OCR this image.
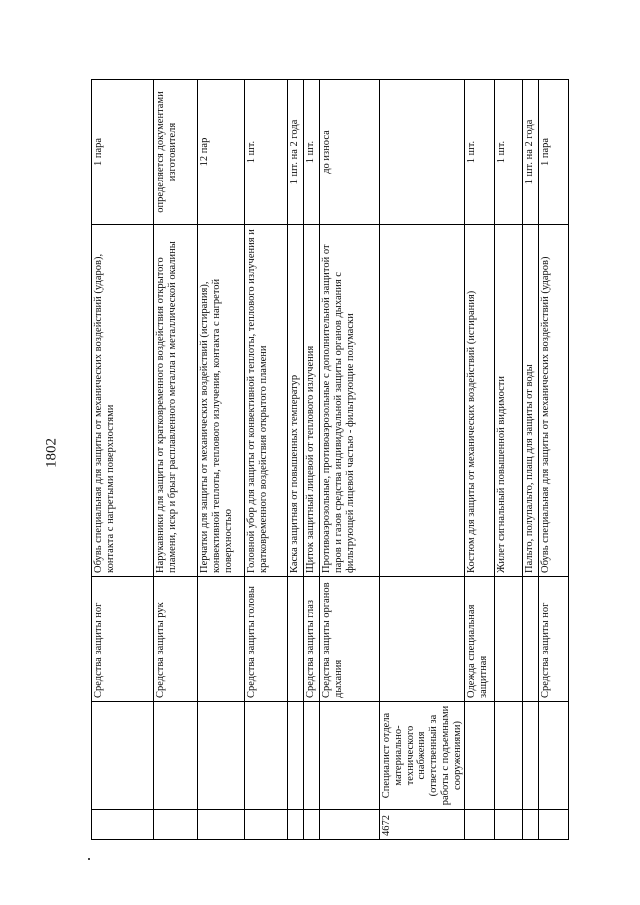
1802
		Средства защиты ног	Обувь специальная для защиты от механических воздействий (ударов), контакта с нагретыми поверхностями	1 пара
		Средства защиты рук	Нарукавники для защиты от кратковременного воздействия открытого пламени, искр и брызг расплавленного металла и металлической окалины	определяется документами изготовителя
			Перчатки для защиты от механических воздействий (истирания), конвективной теплоты, теплового излучения, контакта с нагретой поверхностью	12 пар
		Средства защиты головы	Головной убор для защиты от конвективной теплоты, теплового излучения и кратковременного воздействия открытого пламени	1 шт.
			Каска защитная от повышенных температур	1 шт. на 2 года
		Средства защиты глаз	Щиток защитный лицевой от теплового излучения	1 шт.
		Средства защиты органов дыхания	Противоаэрозольные, противоаэрозольные с дополнительной защитой от паров и газов средства индивидуальной защиты органов дыхания с фильтрующей лицевой частью - фильтрующие полумаски	до износа
4672	Специалист отдела материально-технического снабжения (ответственный за работы с подъемными сооружениями)			
		Одежда специальная защитная	Костюм для защиты от механических воздействий (истирания)	1 шт.
			Жилет сигнальный повышенной видимости	1 шт.
			Пальто, полупальто, плащ для защиты от воды	1 шт. на 2 года
		Средства защиты ног	Обувь специальная для защиты от механических воздействий (ударов)	1 пара
